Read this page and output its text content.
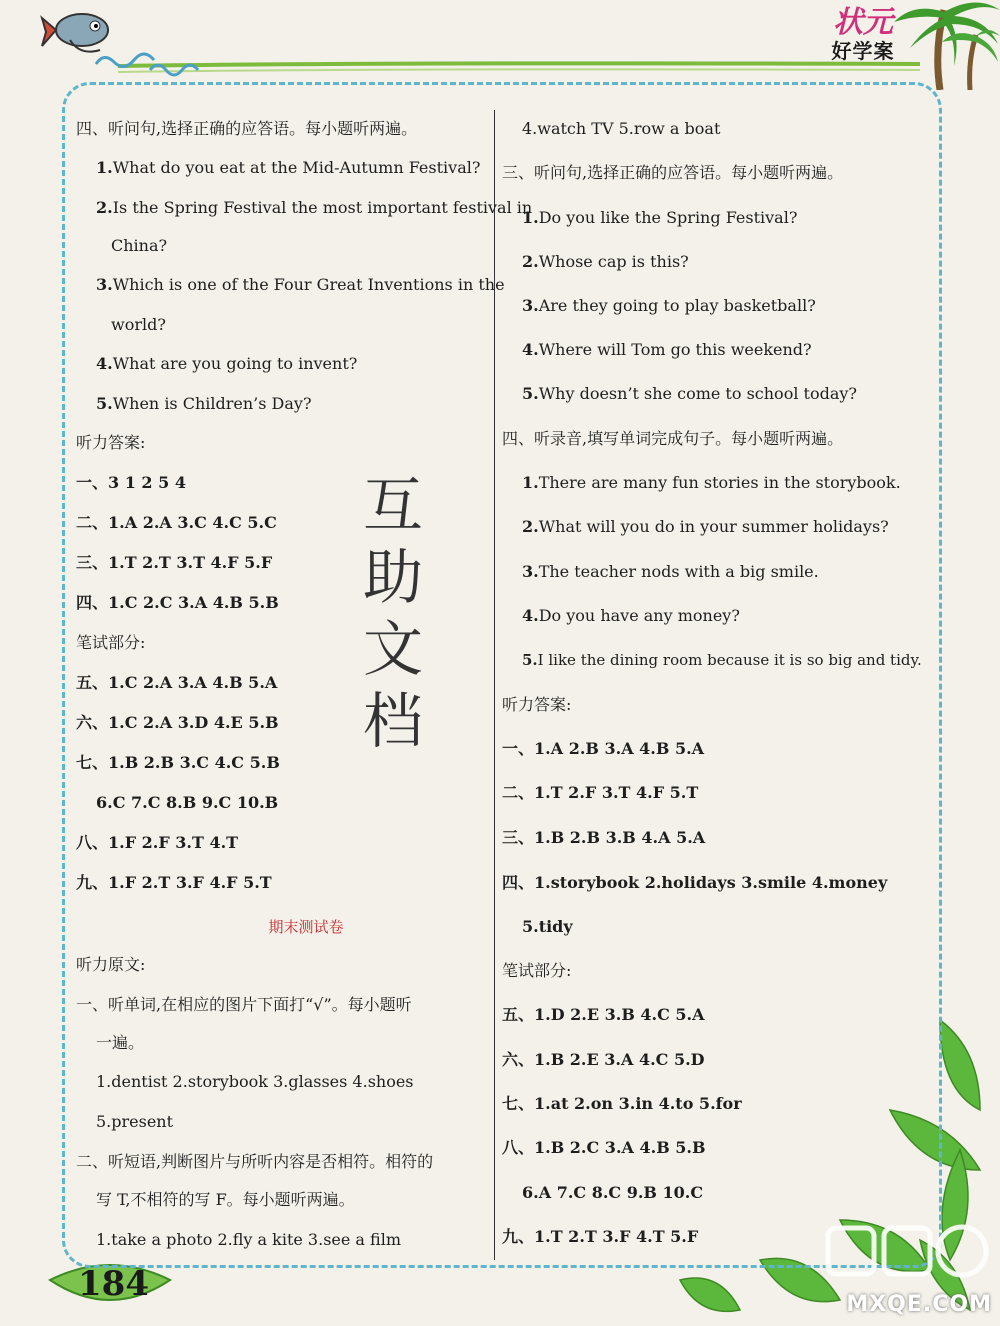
状元
好学案
四、听问句,选择正确的应答语。每小题听两遍。
1.What do you eat at the Mid-Autumn Festival?
2.Is the Spring Festival the most important festival in
China?
3.Which is one of the Four Great Inventions in the
world?
4.What are you going to invent?
5.When is Children’s Day?
听力答案:
一、3 1 2 5 4
二、1.A 2.A 3.C 4.C 5.C
三、1.T 2.T 3.T 4.F 5.F
四、1.C 2.C 3.A 4.B 5.B
笔试部分:
五、1.C 2.A 3.A 4.B 5.A
六、1.C 2.A 3.D 4.E 5.B
七、1.B 2.B 3.C 4.C 5.B
6.C 7.C 8.B 9.C 10.B
八、1.F 2.F 3.T 4.T
九、1.F 2.T 3.F 4.F 5.T
期末测试卷
听力原文:
一、听单词,在相应的图片下面打“√”。每小题听
一遍。
1.dentist 2.storybook 3.glasses 4.shoes
5.present
二、听短语,判断图片与所听内容是否相符。相符的
写 T,不相符的写 F。每小题听两遍。
1.take a photo 2.fly a kite 3.see a film
互
助
文
档
4.watch TV 5.row a boat
三、听问句,选择正确的应答语。每小题听两遍。
1.Do you like the Spring Festival?
2.Whose cap is this?
3.Are they going to play basketball?
4.Where will Tom go this weekend?
5.Why doesn’t she come to school today?
四、听录音,填写单词完成句子。每小题听两遍。
1.There are many fun stories in the storybook.
2.What will you do in your summer holidays?
3.The teacher nods with a big smile.
4.Do you have any money?
5.I like the dining room because it is so big and tidy.
听力答案:
一、1.A 2.B 3.A 4.B 5.A
二、1.T 2.F 3.T 4.F 5.T
三、1.B 2.B 3.B 4.A 5.A
四、1.storybook 2.holidays 3.smile 4.money
5.tidy
笔试部分:
五、1.D 2.E 3.B 4.C 5.A
六、1.B 2.E 3.A 4.C 5.D
七、1.at 2.on 3.in 4.to 5.for
八、1.B 2.C 3.A 4.B 5.B
6.A 7.C 8.C 9.B 10.C
九、1.T 2.T 3.F 4.T 5.F
184
MXQE.COM
